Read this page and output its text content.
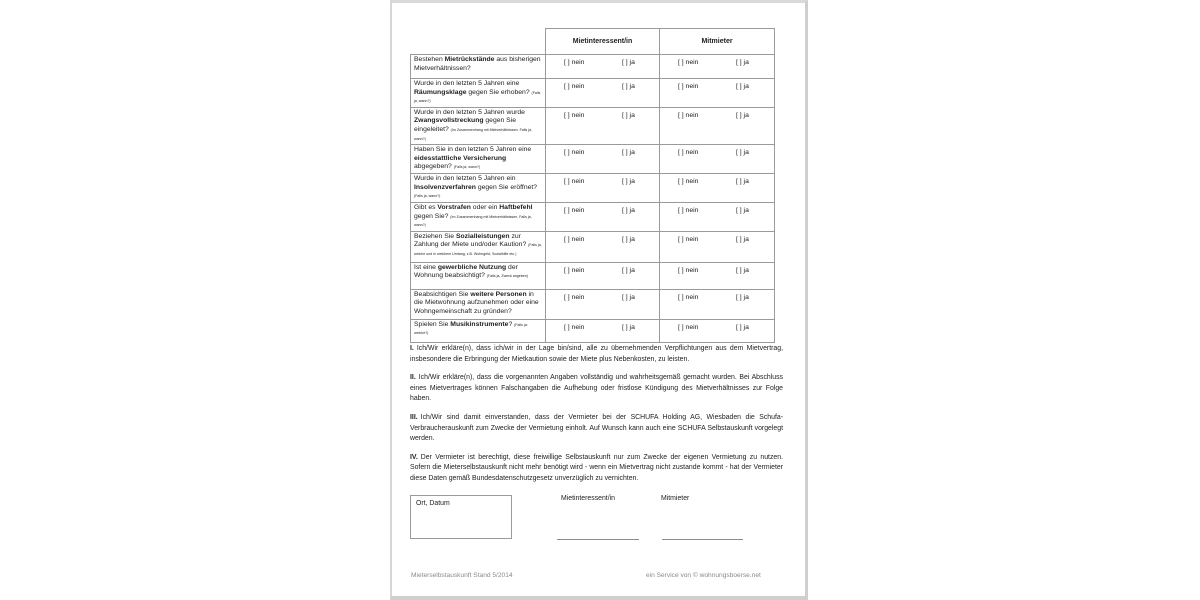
	Mietinteressent/in	Mitmieter
Bestehen Mietrückstände aus bisherigen Mietverhältnissen?	[ ] nein [ ] ja	[ ] nein [ ] ja

Wurde in den letzten 5 Jahren eine Räumungsklage gegen Sie erhoben? (Falls ja, wann?)	[ ] nein [ ] ja	[ ] nein [ ] ja

Wurde in den letzten 5 Jahren wurde Zwangsvollstreckung gegen Sie eingeleitet? (Im Zusammenhang mit Mietverhältnissen. Falls ja, wann?)	[ ] nein [ ] ja	[ ] nein [ ] ja

Haben Sie in den letzten 5 Jahren eine eidesstattliche Versicherung abgegeben? (Falls ja, wann?)	[ ] nein [ ] ja	[ ] nein [ ] ja

Wurde in den letzten 5 Jahren ein Insolvenzverfahren gegen Sie eröffnet? (Falls ja, wann?)	[ ] nein [ ] ja	[ ] nein [ ] ja

Gibt es Vorstrafen oder ein Haftbefehl gegen Sie? (Im Zusammenhang mit Mietverhältnissen. Falls ja, wann?)	[ ] nein [ ] ja	[ ] nein [ ] ja

Beziehen Sie Sozialleistungen zur Zahlung der Miete und/oder Kaution? (Falls ja, welche und in welchem Umfang, z.B. Wohngeld, Sozialhilfe etc.)	[ ] nein [ ] ja	[ ] nein [ ] ja

Ist eine gewerbliche Nutzung der Wohnung beabsichtigt? (Falls ja, Zweck angeben)	[ ] nein [ ] ja	[ ] nein [ ] ja

Beabsichtigen Sie weitere Personen in die Mietwohnung aufzunehmen oder eine Wohngemeinschaft zu gründen?	[ ] nein [ ] ja	[ ] nein [ ] ja

Spielen Sie Musikinstrumente? (Falls ja: welche?)	[ ] nein [ ] ja	[ ] nein [ ] ja

I. Ich/Wir erkläre(n), dass ich/wir in der Lage bin/sind, alle zu übernehmenden Verpflichtungen aus dem Mietvertrag, insbesondere die Erbringung der Mietkaution sowie der Miete plus Nebenkosten, zu leisten.

II. Ich/Wir erkläre(n), dass die vorgenannten Angaben vollständig und wahrheitsgemäß gemacht wurden. Bei Abschluss eines Mietvertrages können Falschangaben die Aufhebung oder fristlose Kündigung des Mietverhältnisses zur Folge haben.

III. Ich/Wir sind damit einverstanden, dass der Vermieter bei der SCHUFA Holding AG, Wiesbaden die Schufa-Verbraucherauskunft zum Zwecke der Vermietung einholt. Auf Wunsch kann auch eine SCHUFA Selbstauskunft vorgelegt werden.

IV. Der Vermieter ist berechtigt, diese freiwillige Selbstauskunft nur zum Zwecke der eigenen Vermietung zu nutzen. Sofern die Mieterselbstauskunft nicht mehr benötigt wird - wenn ein Mietvertrag nicht zustande kommt - hat der Vermieter diese Daten gemäß Bundesdatenschutzgesetz unverzüglich zu vernichten.

Ort, Datum
Mietinteressent/in	Mitmieter
Mieterselbstauskunft Stand 5/2014	ein Service von © wohnungsboerse.net
